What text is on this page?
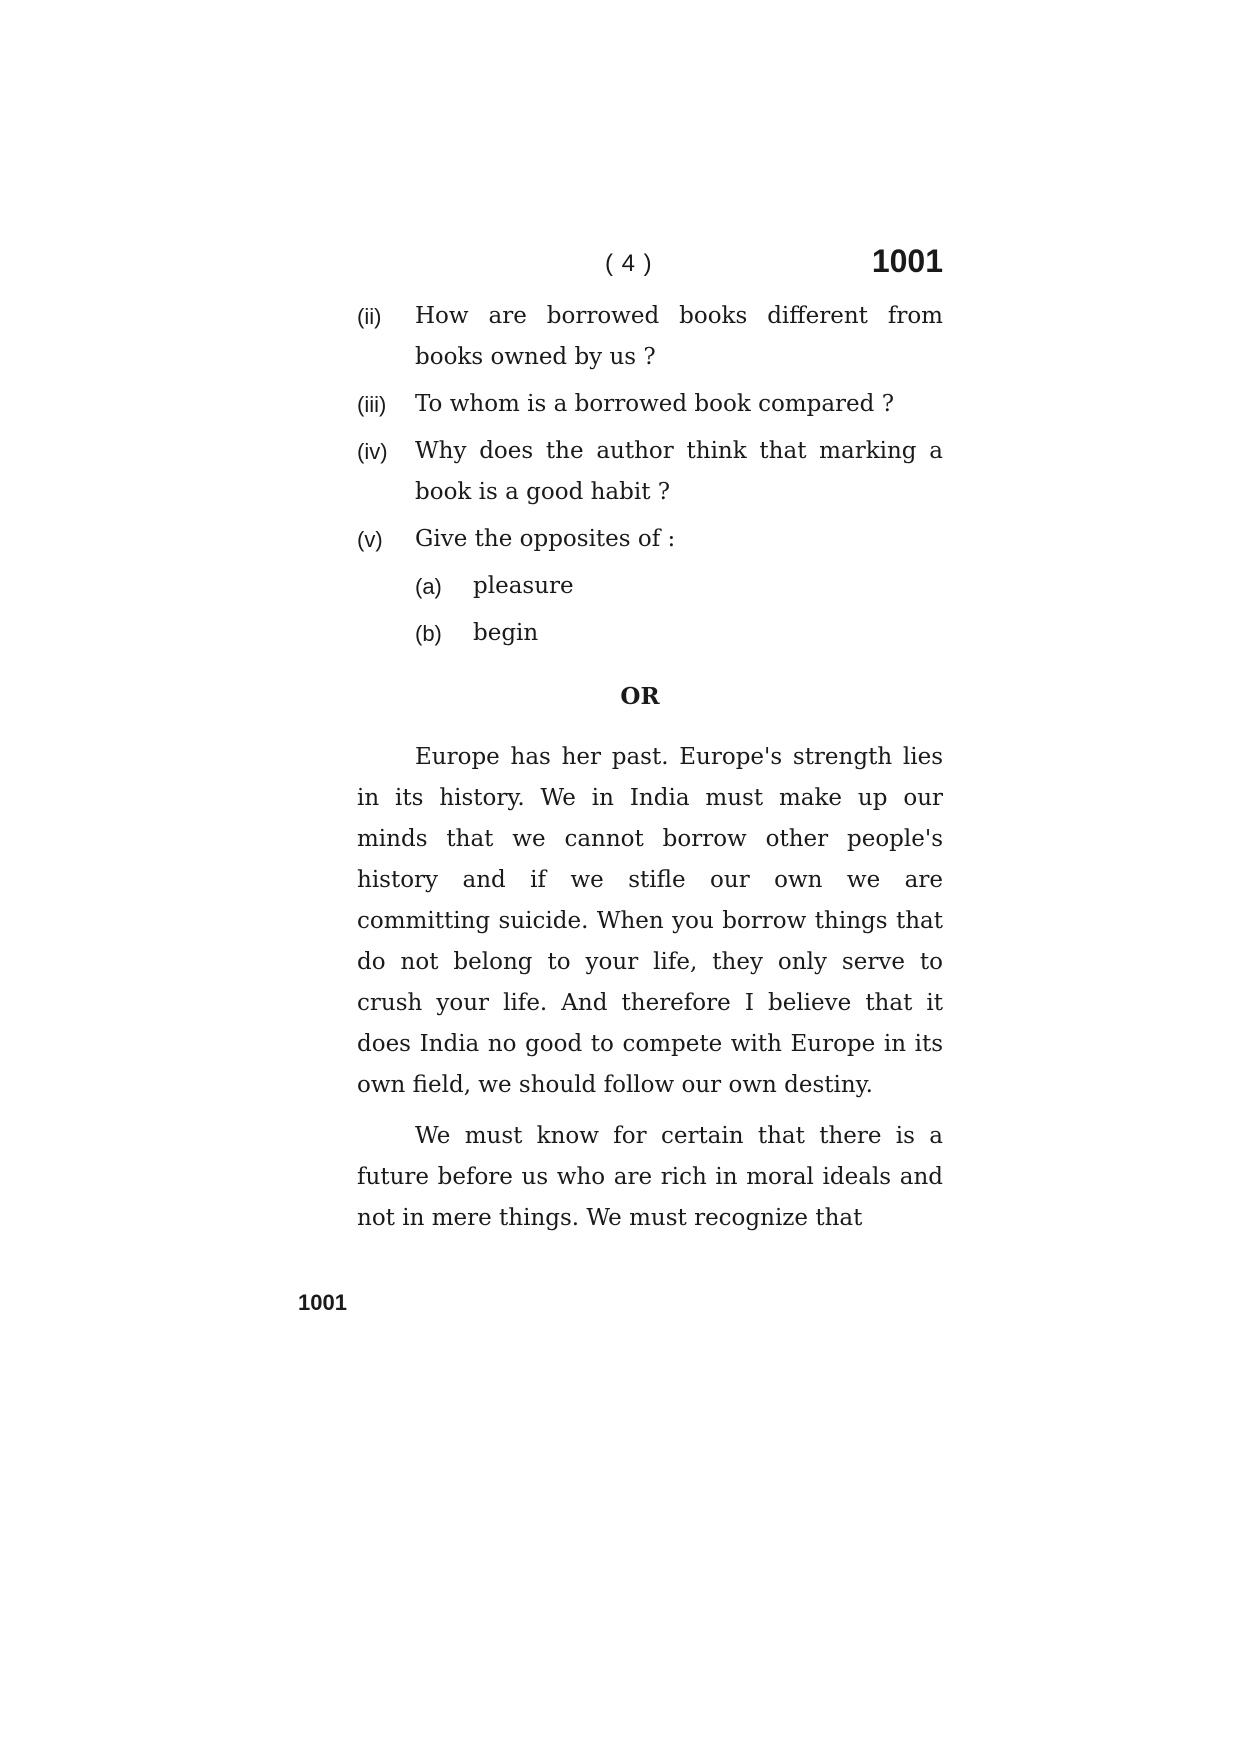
( 4 )	1001
(ii)	How are borrowed books different from books owned by us ?
(iii)	To whom is a borrowed book compared ?
(iv)	Why does the author think that marking a book is a good habit ?
(v)	Give the opposites of :
(a)	pleasure
(b)	begin
OR

Europe has her past. Europe's strength lies in its history. We in India must make up our minds that we cannot borrow other people's history and if we stifle our own we are committing suicide. When you borrow things that do not belong to your life, they only serve to crush your life. And therefore I believe that it does India no good to compete with Europe in its own field, we should follow our own destiny.

We must know for certain that there is a future before us who are rich in moral ideals and not in mere things. We must recognize that

1001
